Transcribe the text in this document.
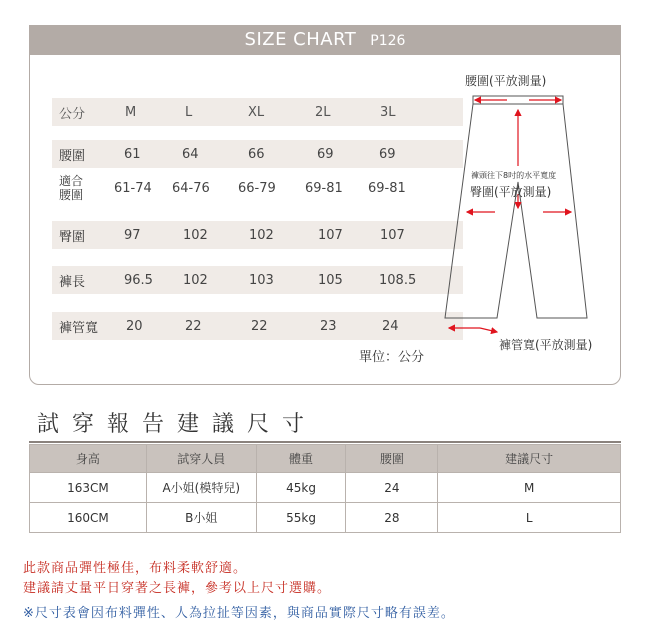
SIZE CHART P126
公分	M	L	XL	2L	3L
腰圍	61	64	66	69	69
適合
腰圍 61-74 64-76 66-79 69-81 69-81
臀圍	97	102	102	107	107
褲長	96.5 102	103	105	108.5
褲管寬 20	22	22	23	24
單位：公分
腰圍(平放測量)
褲頭往下8吋的水平寬度
臀圍(平放測量)
褲管寬(平放測量)
試穿報告建議尺寸
身高	試穿人員	體重	腰圍	建議尺寸
163CM	A小姐(模特兒)	45kg	24	M
160CM	B小姐	55kg	28	L
此款商品彈性極佳，布料柔軟舒適。
建議請丈量平日穿著之長褲，參考以上尺寸選購。
※尺寸表會因布料彈性、人為拉扯等因素，與商品實際尺寸略有誤差。
